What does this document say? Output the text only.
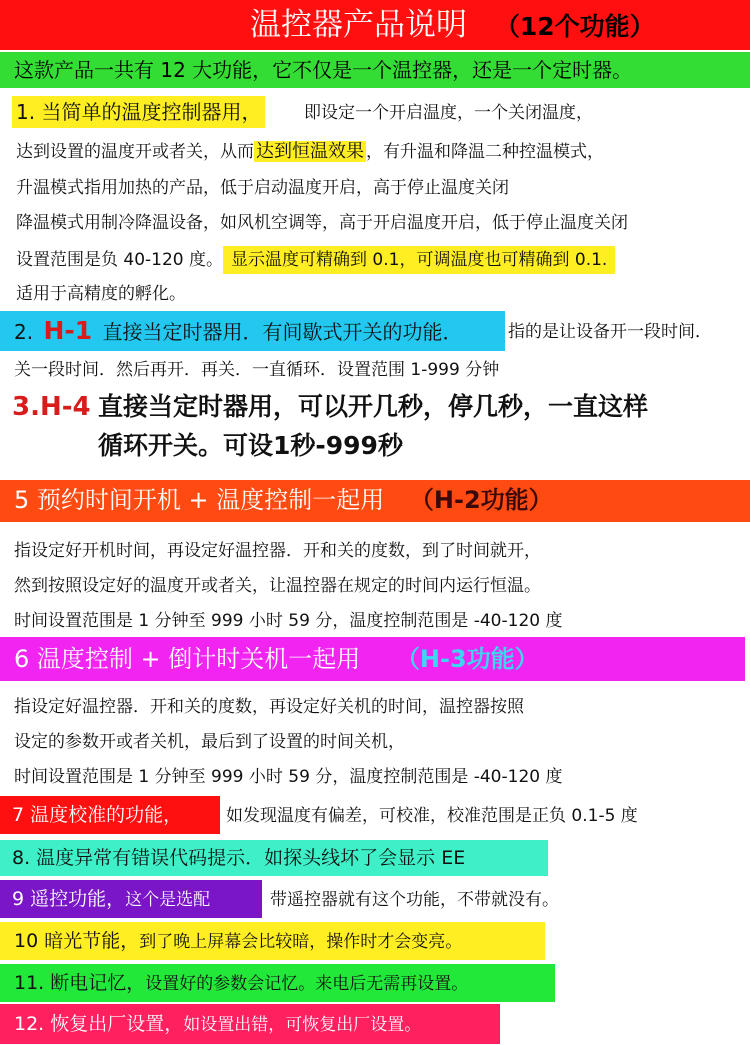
温控器产品说明 （12个功能）
这款产品一共有 12 大功能，它不仅是一个温控器，还是一个定时器。
1. 当简单的温度控制器用，	即设定一个开启温度，一个关闭温度，
达到设置的温度开或者关，从而 达到恒温效果 ，有升温和降温二种控温模式，
升温模式指用加热的产品，低于启动温度开启，高于停止温度关闭
降温模式用制冷降温设备，如风机空调等，高于开启温度开启，低于停止温度关闭
设置范围是负 40-120 度。 显示温度可精确到 0.1，可调温度也可精确到 0.1.
适用于高精度的孵化。
2. H-1 直接当定时器用．有间歇式开关的功能．	指的是让设备开一段时间．
关一段时间．然后再开．再关．一直循环．设置范围 1-999 分钟
3.H-4 直接当定时器用，可以开几秒，停几秒，一直这样
循环开关。可设1秒-999秒
5 预约时间开机 + 温度控制一起用 （H-2功能）
指设定好开机时间，再设定好温控器．开和关的度数，到了时间就开，
然到按照设定好的温度开或者关，让温控器在规定的时间内运行恒温。
时间设置范围是 1 分钟至 999 小时 59 分，温度控制范围是 -40-120 度
6 温度控制 + 倒计时关机一起用 （H-3功能）
指设定好温控器．开和关的度数，再设定好关机的时间，温控器按照
设定的参数开或者关机，最后到了设置的时间关机，
时间设置范围是 1 分钟至 999 小时 59 分，温度控制范围是 -40-120 度
7 温度校准的功能，	如发现温度有偏差，可校准，校准范围是正负 0.1-5 度
8. 温度异常有错误代码提示．如探头线坏了会显示 EE
9 遥控功能，这个是选配	带遥控器就有这个功能，不带就没有。
10 暗光节能，到了晚上屏幕会比较暗，操作时才会变亮。
11. 断电记忆，设置好的参数会记忆。来电后无需再设置。
12. 恢复出厂设置，如设置出错，可恢复出厂设置。
